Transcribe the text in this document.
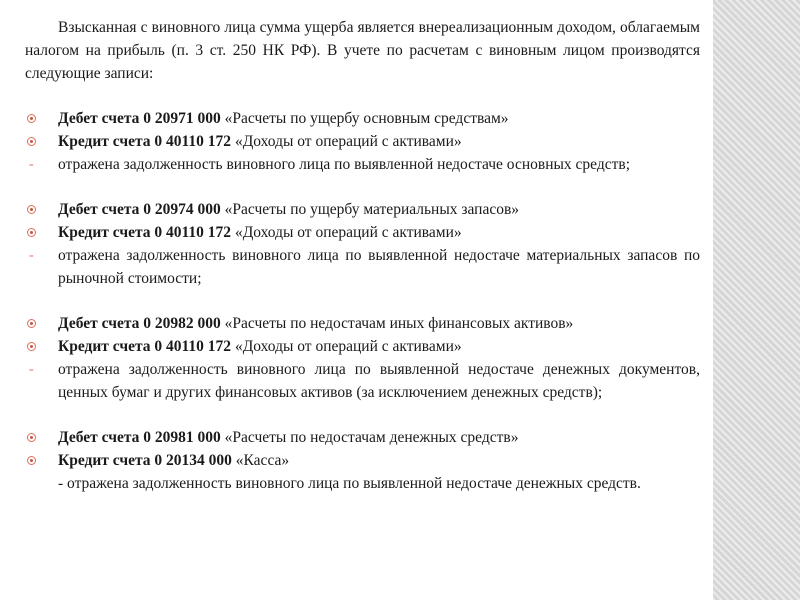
Взысканная с виновного лица сумма ущерба является внереализационным доходом, облагаемым налогом на прибыль (п. 3 ст. 250 НК РФ). В учете по расчетам с виновным лицом производятся следующие записи:

Дебет счета 0 20971 000 «Расчеты по ущербу основным средствам»
Кредит счета 0 40110 172 «Доходы от операций с активами»
- отражена задолженность виновного лица по выявленной недостаче основных средств;
Дебет счета 0 20974 000 «Расчеты по ущербу материальных запасов»
Кредит счета 0 40110 172 «Доходы от операций с активами»
- отражена задолженность виновного лица по выявленной недостаче материальных запасов по рыночной стоимости;
Дебет счета 0 20982 000 «Расчеты по недостачам иных финансовых активов»
Кредит счета 0 40110 172 «Доходы от операций с активами»
- отражена задолженность виновного лица по выявленной недостаче денежных документов, ценных бумаг и других финансовых активов (за исключением денежных средств);
Дебет счета 0 20981 000 «Расчеты по недостачам денежных средств»
Кредит счета 0 20134 000 «Касса»
- отражена задолженность виновного лица по выявленной недостаче денежных средств.
